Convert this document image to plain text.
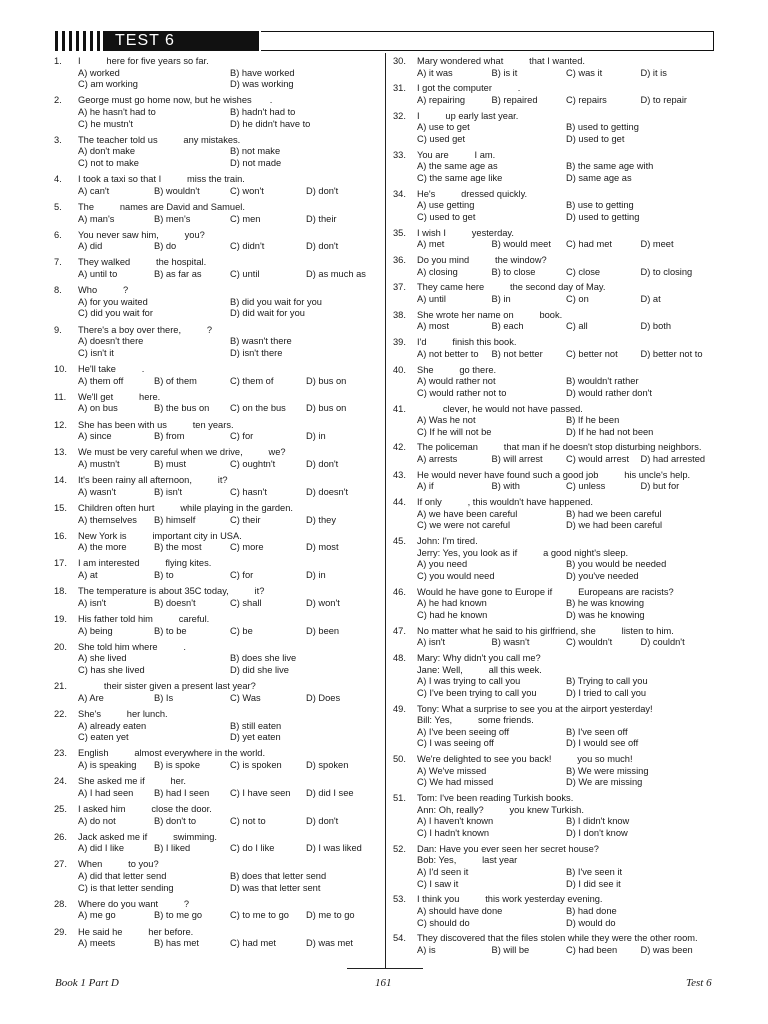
TEST 6
1. I          here for five years so far.
A) worked	B) have worked
C) am working	D) was working
2. George must go home now, but he wishes       .
A) he hasn't had to	B) hadn't had to
C) he mustn't	D) he didn't have to
3. The teacher told us          any mistakes.
A) don't make	B) not make
C) not to make	D) not made
4. I took a taxi so that I          miss the train.
A) can't	B) wouldn't	C) won't	D) don't
5. The          names are David and Samuel.
A) man's	B) men's	C) men	D) their
6. You never saw him,          you?
A) did	B) do	C) didn't	D) don't
7. They walked          the hospital.
A) until to	B) as far as	C) until	D) as much as
8. Who          ?
A) for you waited	B) did you wait for you
C) did you wait for	D) did wait for you
9. There's a boy over there,          ?
A) doesn't there	B) wasn't there
C) isn't it	D) isn't there
10. He'll take          .
A) them off	B) of them	C) them of	D) bus on
11. We'll get          here.
A) on bus	B) the bus on	C) on the bus	D) bus on
12. She has been with us          ten years.
A) since	B) from	C) for	D) in
13. We must be very careful when we drive,          we?
A) mustn't	B) must	C) oughtn't	D) don't
14. It's been rainy all afternoon,          it?
A) wasn't	B) isn't	C) hasn't	D) doesn't
15. Children often hurt          while playing in the garden.
A) themselves	B) himself	C) their	D) they
16. New York is          important city in USA.
A) the more	B) the most	C) more	D) most
17. I am interested          flying kites.
A) at	B) to	C) for	D) in
18. The temperature is about 35C today,          it?
A) isn't	B) doesn't	C) shall	D) won't
19. His father told him          careful.
A) being	B) to be	C) be	D) been
20. She told him where          .
A) she lived	B) does she live
C) has she lived	D) did she live
21. their sister given a present last year?
A) Are	B) Is	C) Was	D) Does
22. She's          her lunch.
A) already eaten	B) still eaten
C) eaten yet	D) yet eaten
23. English          almost everywhere in the world.
A) is speaking	B) is spoke	C) is spoken	D) spoken
24. She asked me if          her.
A) I had seen	B) had I seen	C) I have seen	D) did I see
25. I asked him          close the door.
A) do not	B) don't to	C) not to	D) don't
26. Jack asked me if          swimming.
A) did I like	B) I liked	C) do I like	D) I was liked
27. When          to you?
A) did that letter send	B) does that letter send
C) is that letter sending	D) was that letter sent
28. Where do you want          ?
A) me go	B) to me go	C) to me to go	D) me to go
29. He said he          her before.
A) meets	B) has met	C) had met	D) was met
30. Mary wondered what          that I wanted.
A) it was	B) is it	C) was it	D) it is
31. I got the computer          .
A) repairing	B) repaired	C) repairs	D) to repair
32. I          up early last year.
A) use to get	B) used to getting
C) used get	D) used to get
33. You are          I am.
A) the same age as	B) the same age with
C) the same age like	D) same age as
34. He's          dressed quickly.
A) use getting	B) use to getting
C) used to get	D) used to getting
35. I wish I          yesterday.
A) met	B) would meet	C) had met	D) meet
36. Do you mind          the window?
A) closing	B) to close	C) close	D) to closing
37. They came here          the second day of May.
A) until	B) in	C) on	D) at
38. She wrote her name on          book.
A) most	B) each	C) all	D) both
39. I'd          finish this book.
A) not better to	B) not better	C) better not	D) better not to
40. She          go there.
A) would rather not	B) wouldn't rather
C) would rather not to	D) would rather don't
41. clever, he would not have passed.
A) Was he not	B) If he been
C) If he will not be	D) If he had not been
42. The policeman          that man if he doesn't stop disturbing neighbors.
A) arrests	B) will arrest	C) would arrest	D) had arrested
43. He would never have found such a good job          his uncle's help.
A) if	B) with	C) unless	D) but for
44. If only          , this wouldn't have happened.
A) we have been careful	B) had we been careful
C) we were not careful	D) we had been careful
45. John: I'm tired.
Jerry: Yes, you look as if          a good night's sleep.
A) you need	B) you would be needed
C) you would need	D) you've needed
46. Would he have gone to Europe if          Europeans are racists?
A) he had known	B) he was knowing
C) had he known	D) was he knowing
47. No matter what he said to his girlfriend, she          listen to him.
A) isn't	B) wasn't	C) wouldn't	D) couldn't
48. Mary: Why didn't you call me?
Jane: Well,          all this week.
A) I was trying to call you	B) Trying to call you
C) I've been trying to call you	D) I tried to call you
49. Tony: What a surprise to see you at the airport yesterday!
Bill: Yes,          some friends.
A) I've been seeing off	B) I've seen off
C) I was seeing off	D) I would see off
50. We're delighted to see you back!          you so much!
A) We've missed	B) We were missing
C) We had missed	D) We are missing
51. Tom: I've been reading Turkish books.
Ann: Oh, really?          you knew Turkish.
A) I haven't known	B) I didn't know
C) I hadn't known	D) I don't know
52. Dan: Have you ever seen her secret house?
Bob: Yes,          last year
A) I'd seen it	B) I've seen it
C) I saw it	D) I did see it
53. I think you          this work yesterday evening.
A) should have done	B) had done
C) should do	D) would do
54. They discovered that the files stolen while they were the other room.
A) is	B) will be	C) had been	D) was been
Book 1 Part D	161	Test 6
